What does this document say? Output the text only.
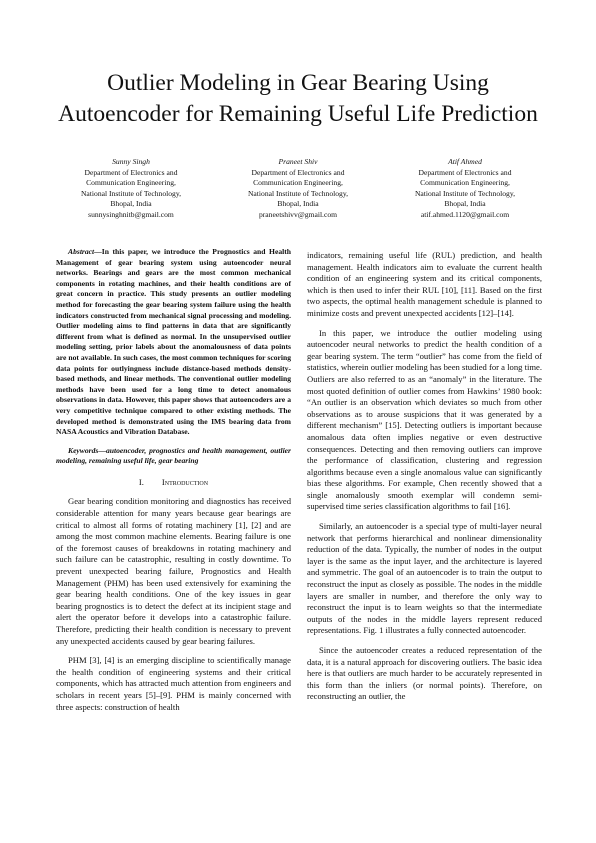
Outlier Modeling in Gear Bearing Using
Autoencoder for Remaining Useful Life Prediction
Sunny Singh
Department of Electronics and
Communication Engineering,
National Institute of Technology,
Bhopal, India
sunnysinghnitb@gmail.com
Praneet Shiv
Department of Electronics and
Communication Engineering,
National Institute of Technology,
Bhopal, India
praneetshivv@gmail.com
Atif Ahmed
Department of Electronics and
Communication Engineering,
National Institute of Technology,
Bhopal, India
atif.ahmed.1120@gmail.com

Abstract—In this paper, we introduce the Prognostics and Health Management of gear bearing system using autoencoder neural networks. Bearings and gears are the most common mechanical components in rotating machines, and their health conditions are of great concern in practice. This study presents an outlier modeling method for forecasting the gear bearing system failure using the health indicators constructed from mechanical signal processing and modeling. Outlier modeling aims to find patterns in data that are significantly different from what is defined as normal. In the unsupervised outlier modeling setting, prior labels about the anomalousness of data points are not available. In such cases, the most common techniques for scoring data points for outlyingness include distance-based methods density-based methods, and linear methods. The conventional outlier modeling methods have been used for a long time to detect anomalous observations in data. However, this paper shows that autoencoders are a very competitive technique compared to other existing methods. The developed method is demonstrated using the IMS bearing data from NASA Acoustics and Vibration Database.

Keywords—autoencoder, prognostics and health management, outlier modeling, remaining useful life, gear bearing

I. Introduction

Gear bearing condition monitoring and diagnostics has received considerable attention for many years because gear bearings are critical to almost all forms of rotating machinery [1], [2] and are among the most common machine elements. Bearing failure is one of the foremost causes of breakdowns in rotating machinery and such failure can be catastrophic, resulting in costly downtime. To prevent unexpected bearing failure, Prognostics and Health Management (PHM) has been used extensively for examining the gear bearing health conditions. One of the key issues in gear bearing prognostics is to detect the defect at its incipient stage and alert the operator before it develops into a catastrophic failure. Therefore, predicting their health condition is necessary to prevent any unexpected accidents caused by gear bearing failures.

PHM [3], [4] is an emerging discipline to scientifically manage the health condition of engineering systems and their critical components, which has attracted much attention from engineers and scholars in recent years [5]–[9]. PHM is mainly concerned with three aspects: construction of health

indicators, remaining useful life (RUL) prediction, and health management. Health indicators aim to evaluate the current health condition of an engineering system and its critical components, which is then used to infer their RUL [10], [11]. Based on the first two aspects, the optimal health management schedule is planned to minimize costs and prevent unexpected accidents [12]–[14].

In this paper, we introduce the outlier modeling using autoencoder neural networks to predict the health condition of a gear bearing system. The term “outlier” has come from the field of statistics, wherein outlier modeling has been studied for a long time. Outliers are also referred to as an “anomaly” in the literature. The most quoted definition of outlier comes from Hawkins’ 1980 book: “An outlier is an observation which deviates so much from other observations as to arouse suspicions that it was generated by a different mechanism” [15]. Detecting outliers is important because anomalous data often implies negative or even destructive consequences. Detecting and then removing outliers can improve the performance of classification, clustering and regression algorithms because even a single anomalous value can significantly bias these algorithms. For example, Chen recently showed that a single anomalously smooth exemplar will condemn semi-supervised time series classification algorithms to fail [16].

Similarly, an autoencoder is a special type of multi-layer neural network that performs hierarchical and nonlinear dimensionality reduction of the data. Typically, the number of nodes in the output layer is the same as the input layer, and the architecture is layered and symmetric. The goal of an autoencoder is to train the output to reconstruct the input as closely as possible. The nodes in the middle layers are smaller in number, and therefore the only way to reconstruct the input is to learn weights so that the intermediate outputs of the nodes in the middle layers represent reduced representations. Fig. 1 illustrates a fully connected autoencoder.

Since the autoencoder creates a reduced representation of the data, it is a natural approach for discovering outliers. The basic idea here is that outliers are much harder to be accurately represented in this form than the inliers (or normal points). Therefore, on reconstructing an outlier, the
